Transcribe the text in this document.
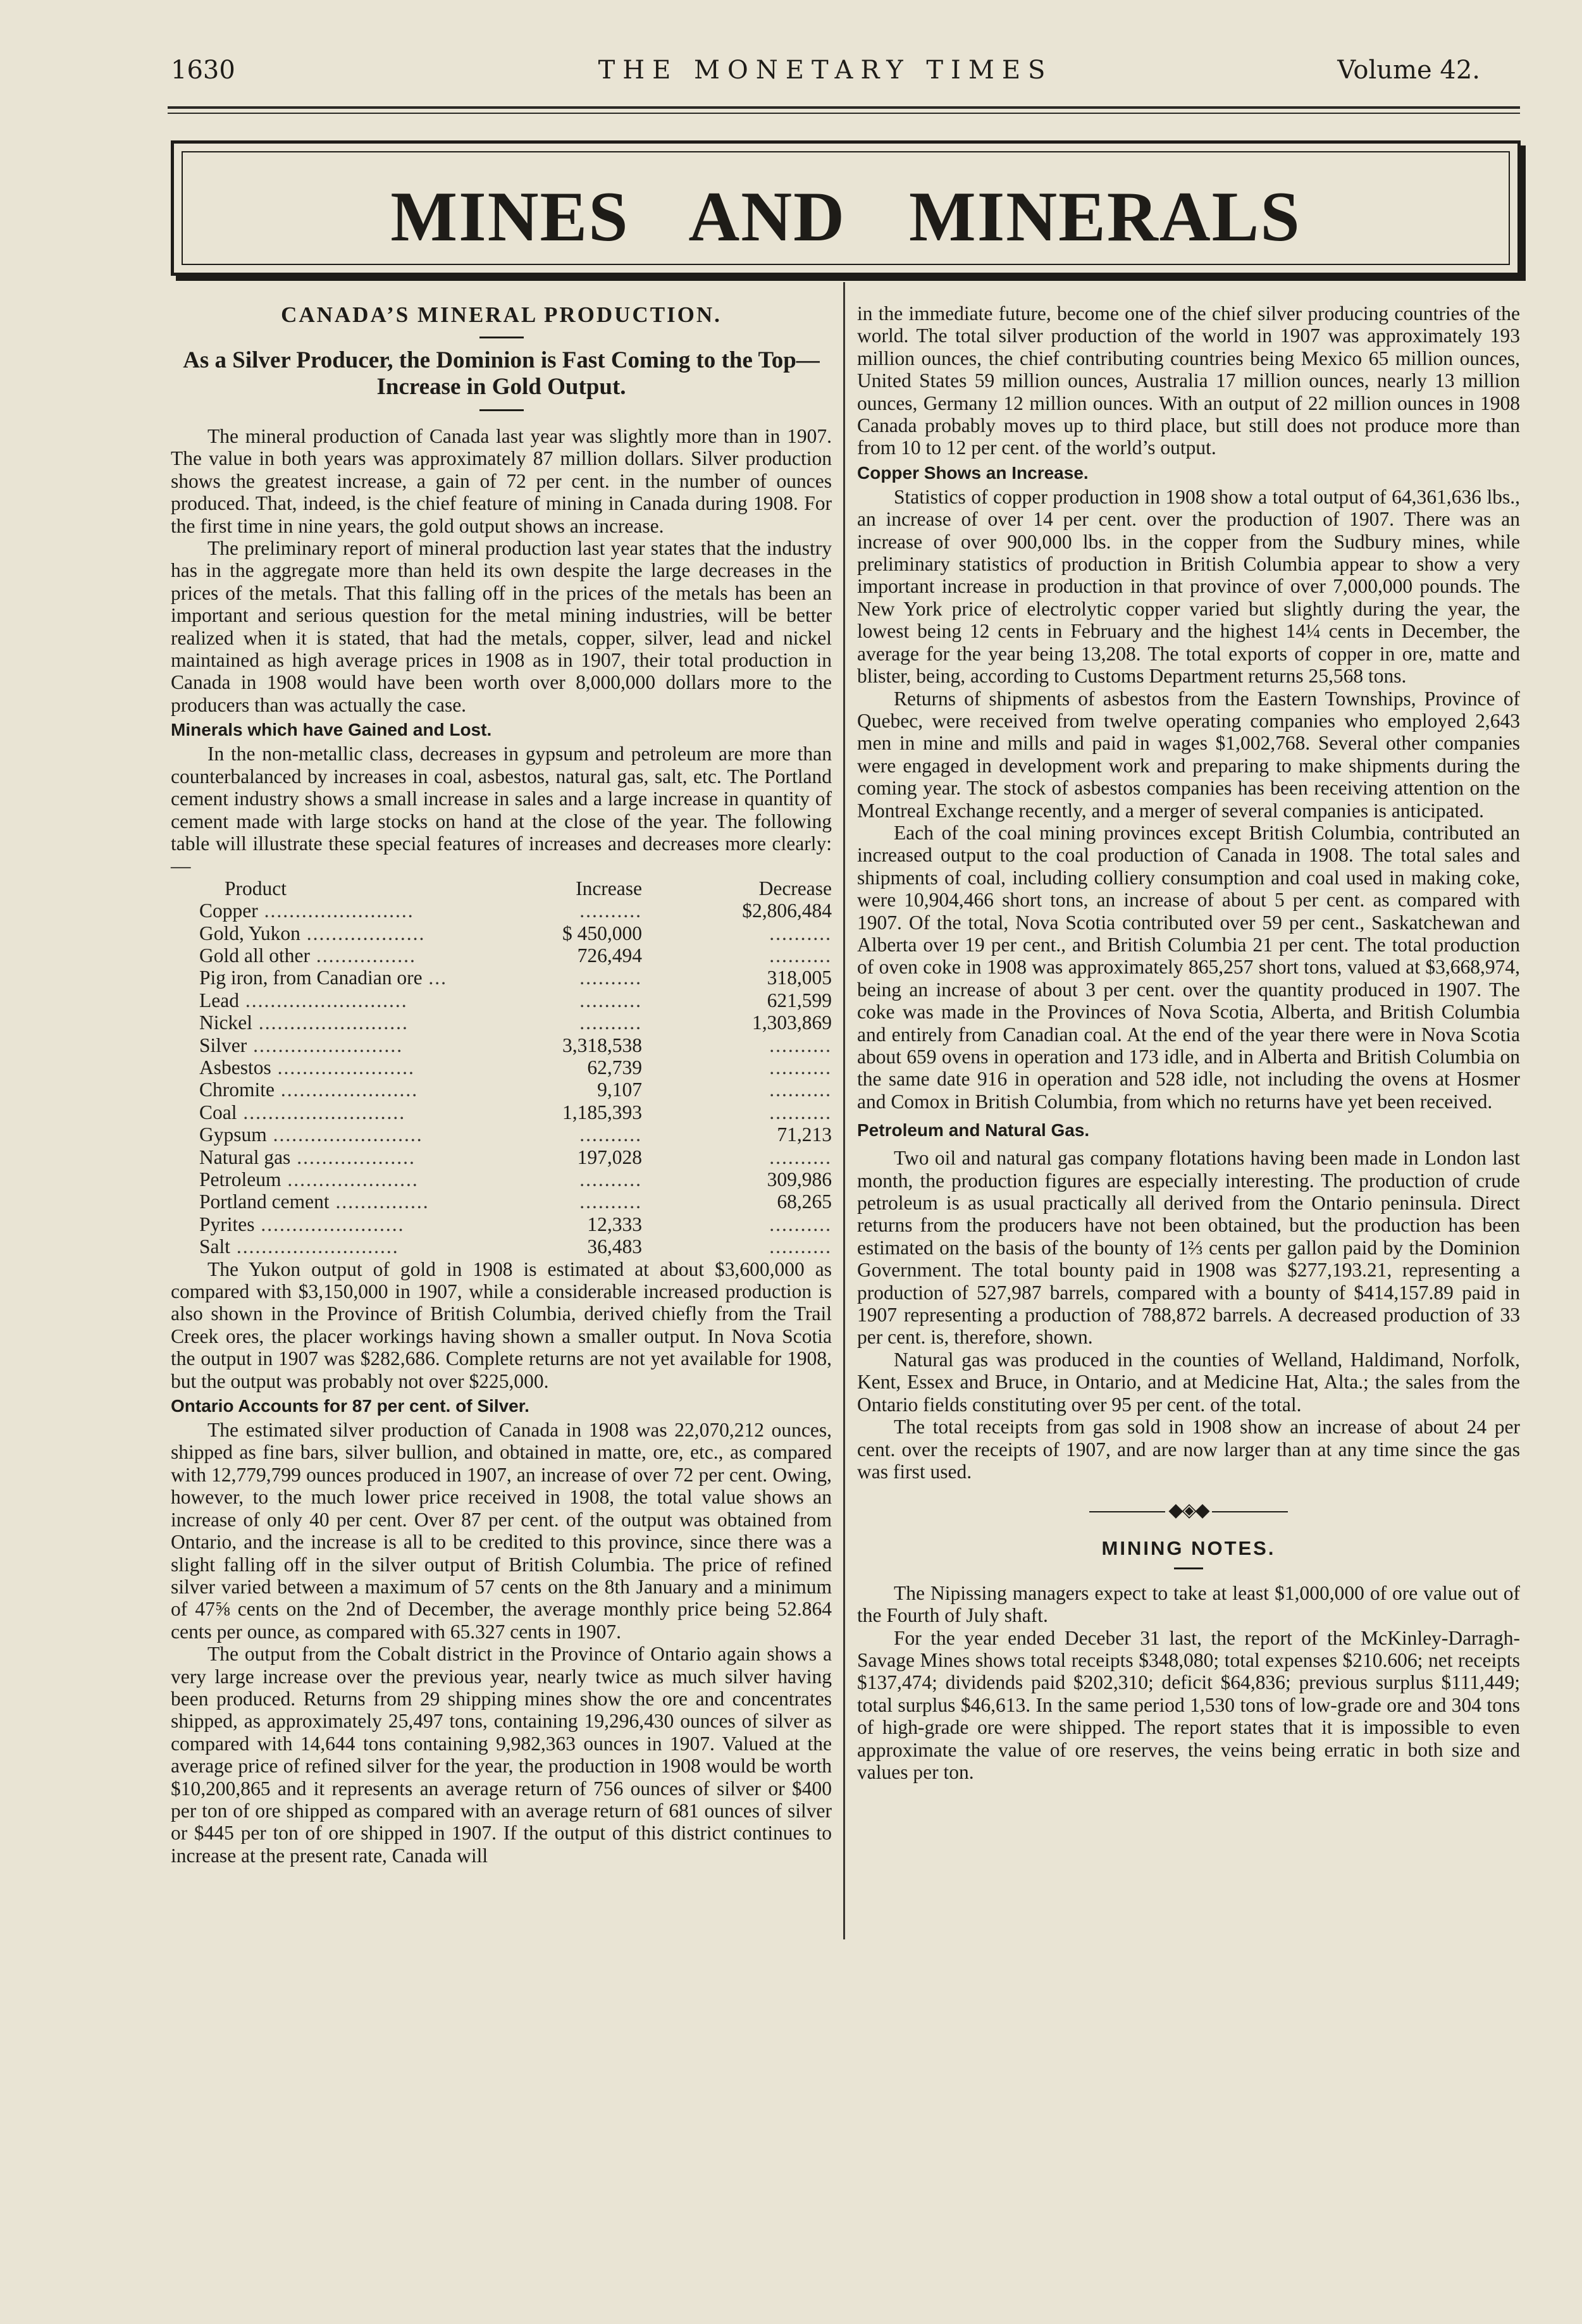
1630	THE MONETARY TIMES	Volume 42.
MINES AND MINERALS
CANADA’S MINERAL PRODUCTION.
As a Silver Producer, the Dominion is Fast Coming to the Top—Increase in Gold Output.

The mineral production of Canada last year was slightly more than in 1907. The value in both years was approximately 87 million dollars. Silver production shows the greatest increase, a gain of 72 per cent. in the number of ounces produced. That, indeed, is the chief feature of mining in Canada during 1908. For the first time in nine years, the gold output shows an increase.

The preliminary report of mineral production last year states that the industry has in the aggregate more than held its own despite the large decreases in the prices of the metals. That this falling off in the prices of the metals has been an important and serious question for the metal mining industries, will be better realized when it is stated, that had the metals, copper, silver, lead and nickel maintained as high average prices in 1908 as in 1907, their total production in Canada in 1908 would have been worth over 8,000,000 dollars more to the producers than was actually the case.

Minerals which have Gained and Lost.

In the non-metallic class, decreases in gypsum and petroleum are more than counterbalanced by increases in coal, asbestos, natural gas, salt, etc. The Portland cement industry shows a small increase in sales and a large increase in quantity of cement made with large stocks on hand at the close of the year. The following table will illustrate these special features of increases and decreases more clearly:—

Product	Increase	Decrease
Copper ........................	..........	$2,806,484
Gold, Yukon ...................	$ 450,000	..........
Gold all other ................	726,494	..........
Pig iron, from Canadian ore ...	..........	318,005
Lead ..........................	..........	621,599
Nickel ........................	..........	1,303,869
Silver ........................	3,318,538	..........
Asbestos ......................	62,739	..........
Chromite ......................	9,107	..........
Coal ..........................	1,185,393	..........
Gypsum ........................	..........	71,213
Natural gas ...................	197,028	..........
Petroleum .....................	..........	309,986
Portland cement ...............	..........	68,265
Pyrites .......................	12,333	..........
Salt ..........................	36,483	..........

The Yukon output of gold in 1908 is estimated at about $3,600,000 as compared with $3,150,000 in 1907, while a considerable increased production is also shown in the Province of British Columbia, derived chiefly from the Trail Creek ores, the placer workings having shown a smaller output. In Nova Scotia the output in 1907 was $282,686. Complete returns are not yet available for 1908, but the output was probably not over $225,000.

Ontario Accounts for 87 per cent. of Silver.

The estimated silver production of Canada in 1908 was 22,070,212 ounces, shipped as fine bars, silver bullion, and obtained in matte, ore, etc., as compared with 12,779,799 ounces produced in 1907, an increase of over 72 per cent. Owing, however, to the much lower price received in 1908, the total value shows an increase of only 40 per cent. Over 87 per cent. of the output was obtained from Ontario, and the increase is all to be credited to this province, since there was a slight falling off in the silver output of British Columbia. The price of refined silver varied between a maximum of 57 cents on the 8th January and a minimum of 47⅝ cents on the 2nd of December, the average monthly price being 52.864 cents per ounce, as compared with 65.327 cents in 1907.

The output from the Cobalt district in the Province of Ontario again shows a very large increase over the previous year, nearly twice as much silver having been produced. Returns from 29 shipping mines show the ore and concentrates shipped, as approximately 25,497 tons, containing 19,296,430 ounces of silver as compared with 14,644 tons containing 9,982,363 ounces in 1907. Valued at the average price of refined silver for the year, the production in 1908 would be worth $10,200,865 and it represents an average return of 756 ounces of silver or $400 per ton of ore shipped as compared with an average return of 681 ounces of silver or $445 per ton of ore shipped in 1907. If the output of this district continues to increase at the present rate, Canada will

in the immediate future, become one of the chief silver producing countries of the world. The total silver production of the world in 1907 was approximately 193 million ounces, the chief contributing countries being Mexico 65 million ounces, United States 59 million ounces, Australia 17 million ounces, nearly 13 million ounces, Germany 12 million ounces. With an output of 22 million ounces in 1908 Canada probably moves up to third place, but still does not produce more than from 10 to 12 per cent. of the world’s output.

Copper Shows an Increase.

Statistics of copper production in 1908 show a total output of 64,361,636 lbs., an increase of over 14 per cent. over the production of 1907. There was an increase of over 900,000 lbs. in the copper from the Sudbury mines, while preliminary statistics of production in British Columbia appear to show a very important increase in production in that province of over 7,000,000 pounds. The New York price of electrolytic copper varied but slightly during the year, the lowest being 12 cents in February and the highest 14¼ cents in December, the average for the year being 13,208. The total exports of copper in ore, matte and blister, being, according to Customs Department returns 25,568 tons.

Returns of shipments of asbestos from the Eastern Townships, Province of Quebec, were received from twelve operating companies who employed 2,643 men in mine and mills and paid in wages $1,002,768. Several other companies were engaged in development work and preparing to make shipments during the coming year. The stock of asbestos companies has been receiving attention on the Montreal Exchange recently, and a merger of several companies is anticipated.

Each of the coal mining provinces except British Columbia, contributed an increased output to the coal production of Canada in 1908. The total sales and shipments of coal, including colliery consumption and coal used in making coke, were 10,904,466 short tons, an increase of about 5 per cent. as compared with 1907. Of the total, Nova Scotia contributed over 59 per cent., Saskatchewan and Alberta over 19 per cent., and British Columbia 21 per cent. The total production of oven coke in 1908 was approximately 865,257 short tons, valued at $3,668,974, being an increase of about 3 per cent. over the quantity produced in 1907. The coke was made in the Provinces of Nova Scotia, Alberta, and British Columbia and entirely from Canadian coal. At the end of the year there were in Nova Scotia about 659 ovens in operation and 173 idle, and in Alberta and British Columbia on the same date 916 in operation and 528 idle, not including the ovens at Hosmer and Comox in British Columbia, from which no returns have yet been received.

Petroleum and Natural Gas.

Two oil and natural gas company flotations having been made in London last month, the production figures are especially interesting. The production of crude petroleum is as usual practically all derived from the Ontario peninsula. Direct returns from the producers have not been obtained, but the production has been estimated on the basis of the bounty of 1⅔ cents per gallon paid by the Dominion Government. The total bounty paid in 1908 was $277,193.21, representing a production of 527,987 barrels, compared with a bounty of $414,157.89 paid in 1907 representing a production of 788,872 barrels. A decreased production of 33 per cent. is, therefore, shown.

Natural gas was produced in the counties of Welland, Haldimand, Norfolk, Kent, Essex and Bruce, in Ontario, and at Medicine Hat, Alta.; the sales from the Ontario fields constituting over 95 per cent. of the total.

The total receipts from gas sold in 1908 show an increase of about 24 per cent. over the receipts of 1907, and are now larger than at any time since the gas was first used.

◆◈◆
MINING NOTES.

The Nipissing managers expect to take at least $1,000,000 of ore value out of the Fourth of July shaft.

For the year ended Deceber 31 last, the report of the McKinley-Darragh-Savage Mines shows total receipts $348,080; total expenses $210.606; net receipts $137,474; dividends paid $202,310; deficit $64,836; previous surplus $111,449; total surplus $46,613. In the same period 1,530 tons of low-grade ore and 304 tons of high-grade ore were shipped. The report states that it is impossible to even approximate the value of ore reserves, the veins being erratic in both size and values per ton.
